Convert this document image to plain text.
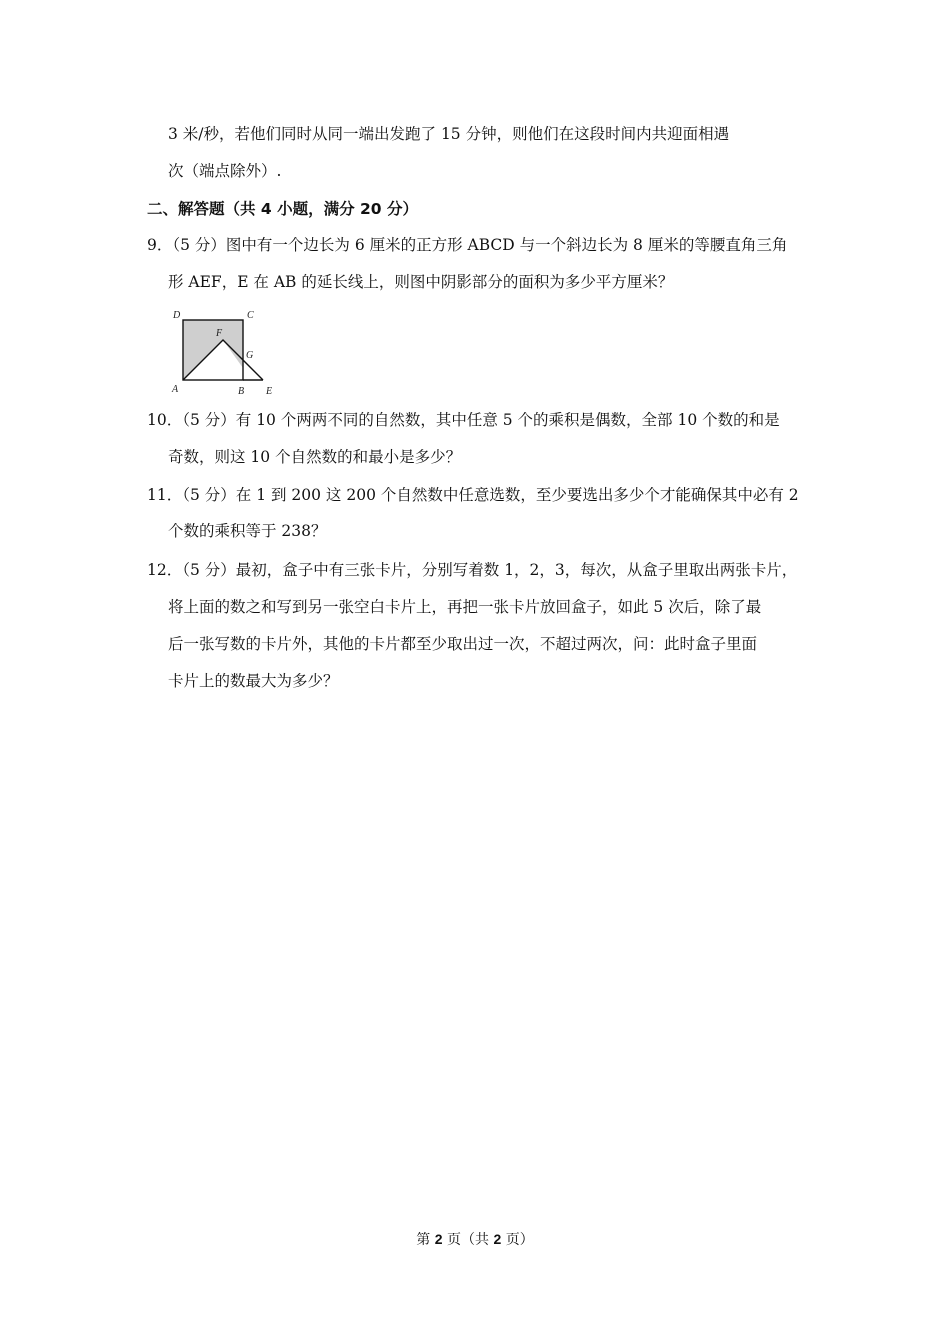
3 米/秒，若他们同时从同一端出发跑了 15 分钟，则他们在这段时间内共迎面相遇
次（端点除外）.
二、解答题（共 4 小题，满分 20 分）
9．（5 分）图中有一个边长为 6 厘米的正方形 ABCD 与一个斜边长为 8 厘米的等腰直角三角
形 AEF，E 在 AB 的延长线上，则图中阴影部分的面积为多少平方厘米？
D	C
F
G
A	B E
10．（5 分）有 10 个两两不同的自然数，其中任意 5 个的乘积是偶数，全部 10 个数的和是
奇数，则这 10 个自然数的和最小是多少？
11．（5 分）在 1 到 200 这 200 个自然数中任意选数，至少要选出多少个才能确保其中必有 2
个数的乘积等于 238？
12．（5 分）最初，盒子中有三张卡片，分别写着数 1，2，3，每次，从盒子里取出两张卡片，
将上面的数之和写到另一张空白卡片上，再把一张卡片放回盒子，如此 5 次后，除了最
后一张写数的卡片外，其他的卡片都至少取出过一次，不超过两次，问：此时盒子里面
卡片上的数最大为多少？
第 2 页（共 2 页）
